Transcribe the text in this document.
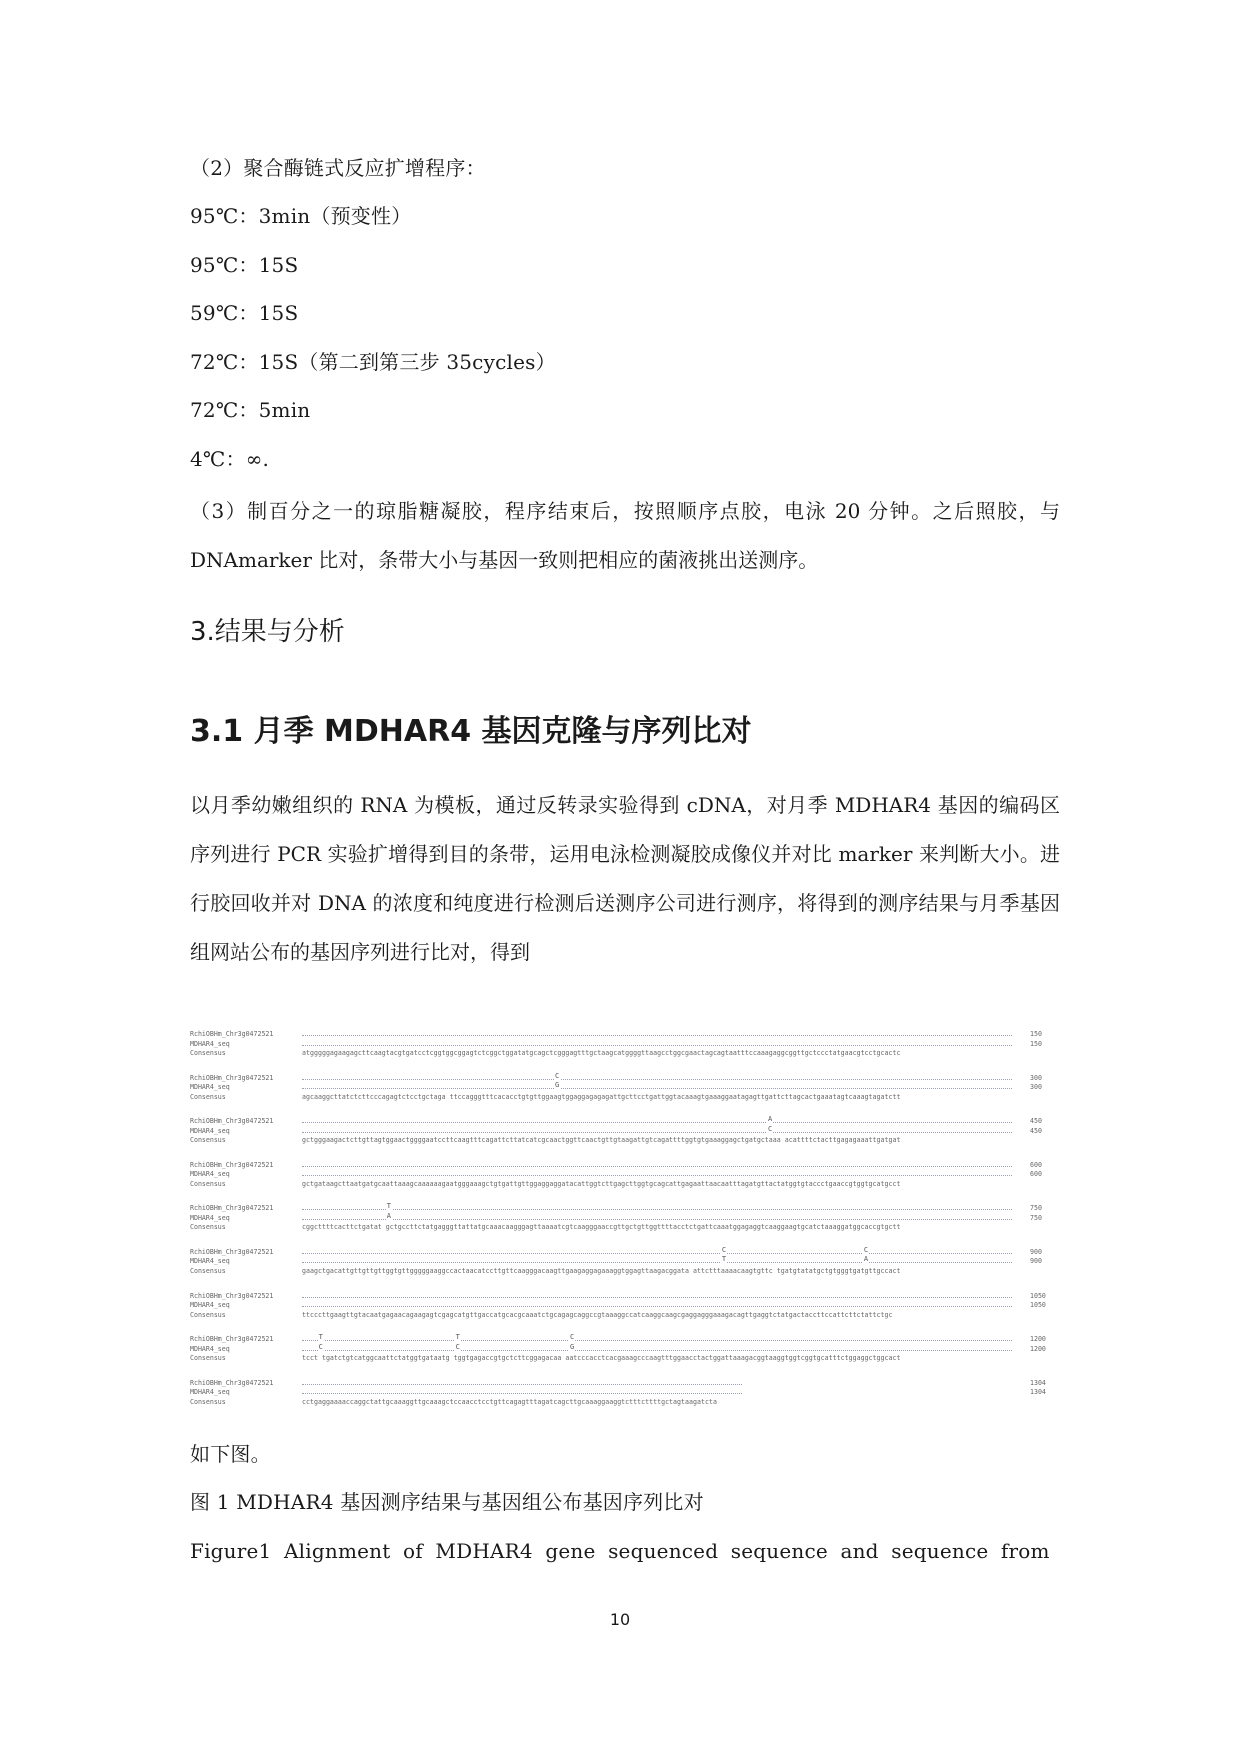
（2）聚合酶链式反应扩增程序：
95℃：3min（预变性）
95℃：15S
59℃：15S
72℃：15S（第二到第三步 35cycles）
72℃：5min
4℃：∞.
（3）制百分之一的琼脂糖凝胶，程序结束后，按照顺序点胶，电泳 20 分钟。之后照胶，与 DNAmarker 比对，条带大小与基因一致则把相应的菌液挑出送测序。
3.结果与分析
3.1 月季 MDHAR4 基因克隆与序列比对
以月季幼嫩组织的 RNA 为模板，通过反转录实验得到 cDNA，对月季 MDHAR4 基因的编码区序列进行 PCR 实验扩增得到目的条带，运用电泳检测凝胶成像仪并对比 marker 来判断大小。进行胶回收并对 DNA 的浓度和纯度进行检测后送测序公司进行测序，将得到的测序结果与月季基因组网站公布的基因序列进行比对，得到
RchiOBHm_Chr3g0472521	150
MDHAR4_seq	150
Consensus	atgggggagaagagcttcaagtacgtgatcctcggtggcggagtctcggctggatatgcagctcgggagtttgctaagcatggggttaagcctggcgaactagcagtaatttccaaagaggcggttgctccctatgaacgtcctgcactc
RchiOBHm_Chr3g0472521	C	300
MDHAR4_seq	G	300
Consensus	agcaaggcttatctcttcccagagtctcctgctaga ttccagggtttcacacctgtgttggaagtggaggagagagattgcttcctgattggtacaaagtgaaaggaatagagttgattcttagcactgaaatagtcaaagtagatctt
RchiOBHm_Chr3g0472521	A	450
MDHAR4_seq	C	450
Consensus	gctgggaagactcttgttagtggaactggggaatccttcaagtttcagattcttatcatcgcaactggttcaactgttgtaagattgtcagattttggtgtgaaaggagctgatgctaaa acattttctacttgagagaaattgatgat
RchiOBHm_Chr3g0472521	600
MDHAR4_seq	600
Consensus	gctgataagcttaatgatgcaattaaagcaaaaaagaatgggaaagctgtgattgttggaggaggatacattggtcttgagcttggtgcagcattgagaattaacaatttagatgttactatggtgtaccctgaaccgtggtgcatgcct
RchiOBHm_Chr3g0472521	T	750
MDHAR4_seq	A	750
Consensus	cggcttttcacttctgatat gctgccttctatgagggttattatgcaaacaagggagttaaaatcgtcaagggaaccgttgctgttggttttacctctgattcaaatggagaggtcaaggaagtgcatctaaaggatggcaccgtgctt
RchiOBHm_Chr3g0472521	C	C	900
MDHAR4_seq	T	A	900
Consensus	gaagctgacattgttgttgttggtgttgggggaaggccactaacatccttgttcaagggacaagttgaagaggagaaaggtggagttaagacggata attctttaaaacaagtgttc tgatgtatatgctgtgggtgatgttgccact
RchiOBHm_Chr3g0472521	1050
MDHAR4_seq	1050
Consensus	ttcccttgaagttgtacaatgagaacagaagagtcgagcatgttgaccatgcacgcaaatctgcagagcaggccgtaaaggccatcaaggcaagcgaggagggaaagacagttgaggtctatgactaccttccattcttctattctgc
RchiOBHm_Chr3g0472521	T	T	C	1200
MDHAR4_seq	C	C	G	1200
Consensus	tcct tgatctgtcatggcaattctatggtgataatg tggtgagaccgtgctcttcggagacaa aatcccacctcacgaaagcccaagtttggaacctactggattaaagacggtaaggtggtcggtgcatttctggaggctggcact
RchiOBHm_Chr3g0472521	1304
MDHAR4_seq	1304
Consensus	cctgaggaaaaccaggctattgcaaaggttgcaaagctccaacctcctgttcagagtttagatcagcttgcaaaggaaggtctttcttttgctagtaagatcta
如下图。
图 1 MDHAR4 基因测序结果与基因组公布基因序列比对
Figure1 Alignment of MDHAR4 gene sequenced sequence and sequence from
10
